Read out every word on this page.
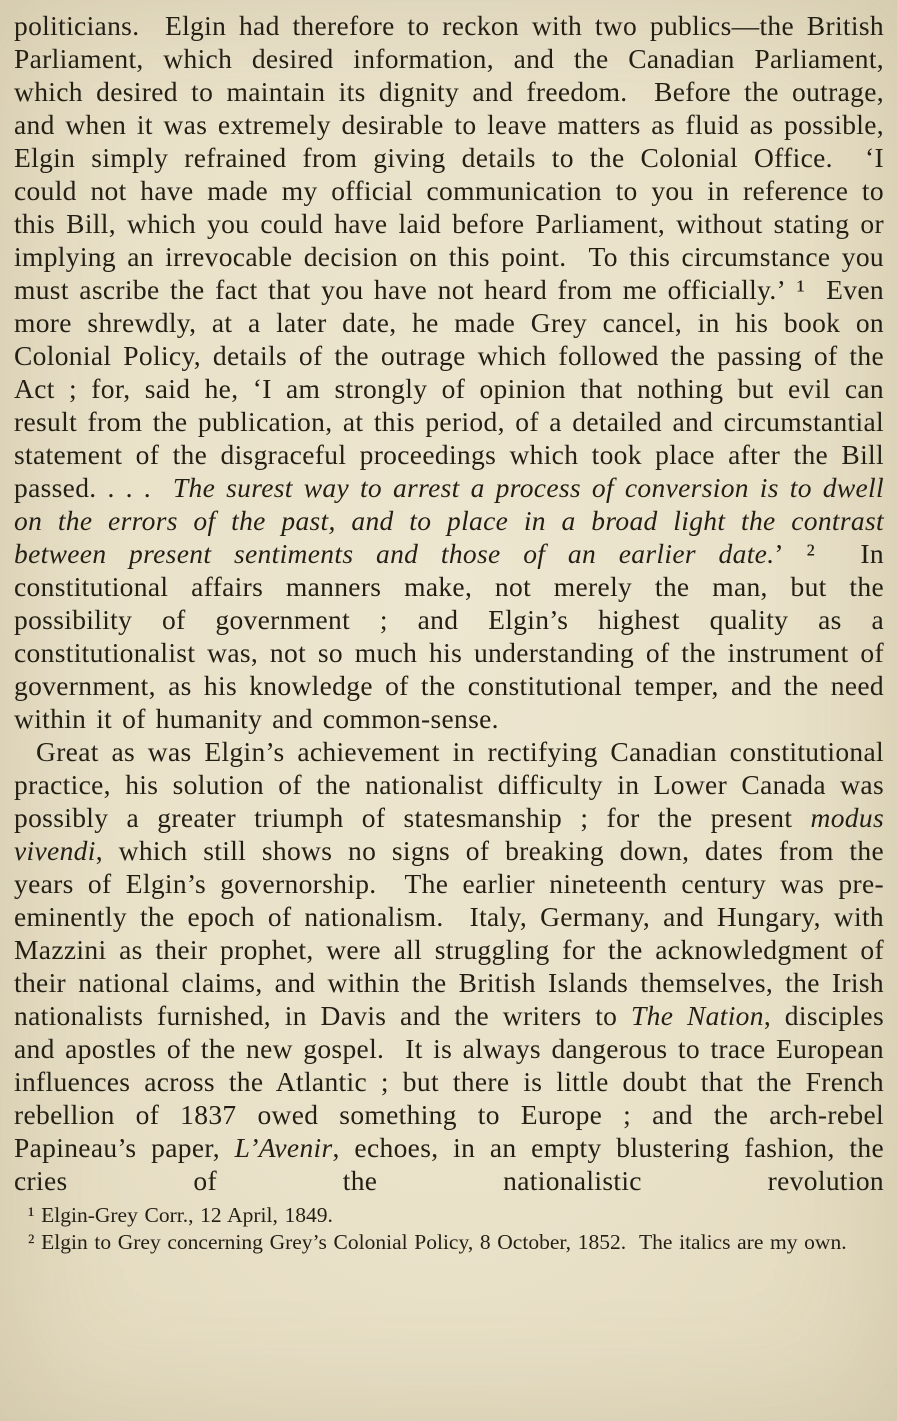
politicians.  Elgin had therefore to reckon with two publics—the British Parliament, which desired information, and the Canadian Parliament, which desired to maintain its dignity and freedom.  Before the outrage, and when it was extremely desirable to leave matters as fluid as possible, Elgin simply refrained from giving details to the Colonial Office.  ‘I could not have made my official communication to you in reference to this Bill, which you could have laid before Parliament, without stating or implying an irrevocable decision on this point.  To this circumstance you must ascribe the fact that you have not heard from me officially.’ ¹  Even more shrewdly, at a later date, he made Grey cancel, in his book on Colonial Policy, details of the outrage which followed the passing of the Act ; for, said he, ‘I am strongly of opinion that nothing but evil can result from the publication, at this period, of a detailed and circumstantial statement of the disgraceful proceedings which took place after the Bill passed. . . .  The surest way to arrest a process of conversion is to dwell on the errors of the past, and to place in a broad light the contrast between present sentiments and those of an earlier date.’ ²  In constitutional affairs manners make, not merely the man, but the possibility of government ; and Elgin’s highest quality as a constitutionalist was, not so much his understanding of the instrument of government, as his knowledge of the constitutional temper, and the need within it of humanity and common-sense.

Great as was Elgin’s achievement in rectifying Canadian constitutional practice, his solution of the nationalist difficulty in Lower Canada was possibly a greater triumph of statesmanship ; for the present modus vivendi, which still shows no signs of breaking down, dates from the years of Elgin’s governorship.  The earlier nineteenth century was pre-eminently the epoch of nationalism.  Italy, Germany, and Hungary, with Mazzini as their prophet, were all struggling for the acknowledgment of their national claims, and within the British Islands themselves, the Irish nationalists furnished, in Davis and the writers to The Nation, disciples and apostles of the new gospel.  It is always dangerous to trace European influences across the Atlantic ; but there is little doubt that the French rebellion of 1837 owed something to Europe ; and the arch-rebel Papineau’s paper, L’Avenir, echoes, in an empty blustering fashion, the cries of the nationalistic revolution

¹ Elgin-Grey Corr., 12 April, 1849.

² Elgin to Grey concerning Grey’s Colonial Policy, 8 October, 1852.  The italics are my own.
